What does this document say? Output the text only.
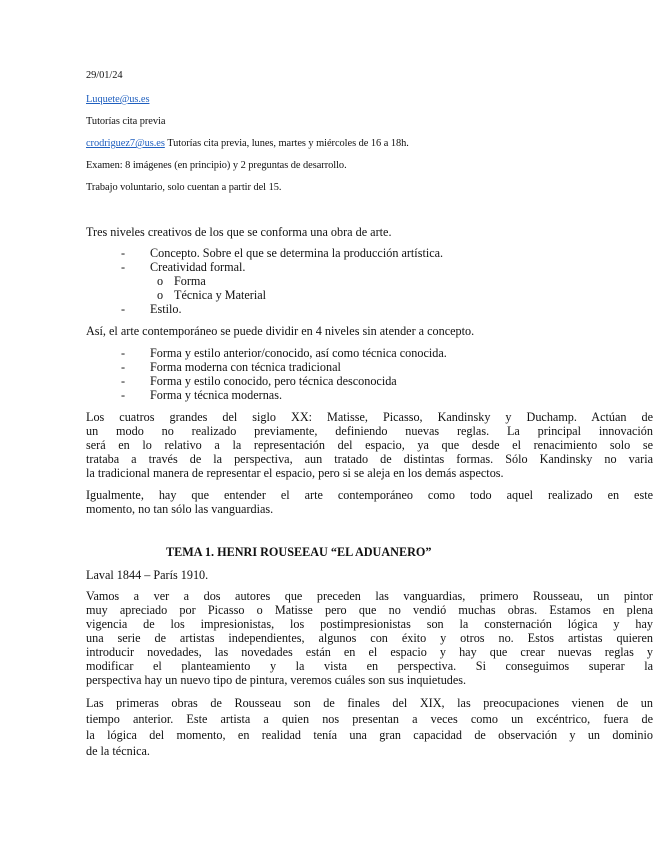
29/01/24

Luquete@us.es

Tutorías cita previa

crodriguez7@us.es Tutorías cita previa, lunes, martes y miércoles de 16 a 18h.

Examen: 8 imágenes (en principio) y 2 preguntas de desarrollo.

Trabajo voluntario, solo cuentan a partir del 15.

Tres niveles creativos de los que se conforma una obra de arte.

- Concepto. Sobre el que se determina la producción artística.
- Creatividad formal.
o Forma
o Técnica y Material
- Estilo.

Así, el arte contemporáneo se puede dividir en 4 niveles sin atender a concepto.

- Forma y estilo anterior/conocido, así como técnica conocida.
- Forma moderna con técnica tradicional
- Forma y estilo conocido, pero técnica desconocida
- Forma y técnica modernas.

Los cuatros grandes del siglo XX: Matisse, Picasso, Kandinsky y Duchamp. Actúan de

un modo no realizado previamente, definiendo nuevas reglas. La principal innovación

será en lo relativo a la representación del espacio, ya que desde el renacimiento solo se

trataba a través de la perspectiva, aun tratado de distintas formas. Sólo Kandinsky no varia

la tradicional manera de representar el espacio, pero si se aleja en los demás aspectos.

Igualmente, hay que entender el arte contemporáneo como todo aquel realizado en este

momento, no tan sólo las vanguardias.

TEMA 1. HENRI ROUSEEAU “EL ADUANERO”

Laval 1844 – París 1910.

Vamos a ver a dos autores que preceden las vanguardias, primero Rousseau, un pintor

muy apreciado por Picasso o Matisse pero que no vendió muchas obras. Estamos en plena

vigencia de los impresionistas, los postimpresionistas son la consternación lógica y hay

una serie de artistas independientes, algunos con éxito y otros no. Estos artistas quieren

introducir novedades, las novedades están en el espacio y hay que crear nuevas reglas y

modificar el planteamiento y la vista en perspectiva. Si conseguimos superar la

perspectiva hay un nuevo tipo de pintura, veremos cuáles son sus inquietudes.

Las primeras obras de Rousseau son de finales del XIX, las preocupaciones vienen de un

tiempo anterior. Este artista a quien nos presentan a veces como un excéntrico, fuera de

la lógica del momento, en realidad tenía una gran capacidad de observación y un dominio

de la técnica.
